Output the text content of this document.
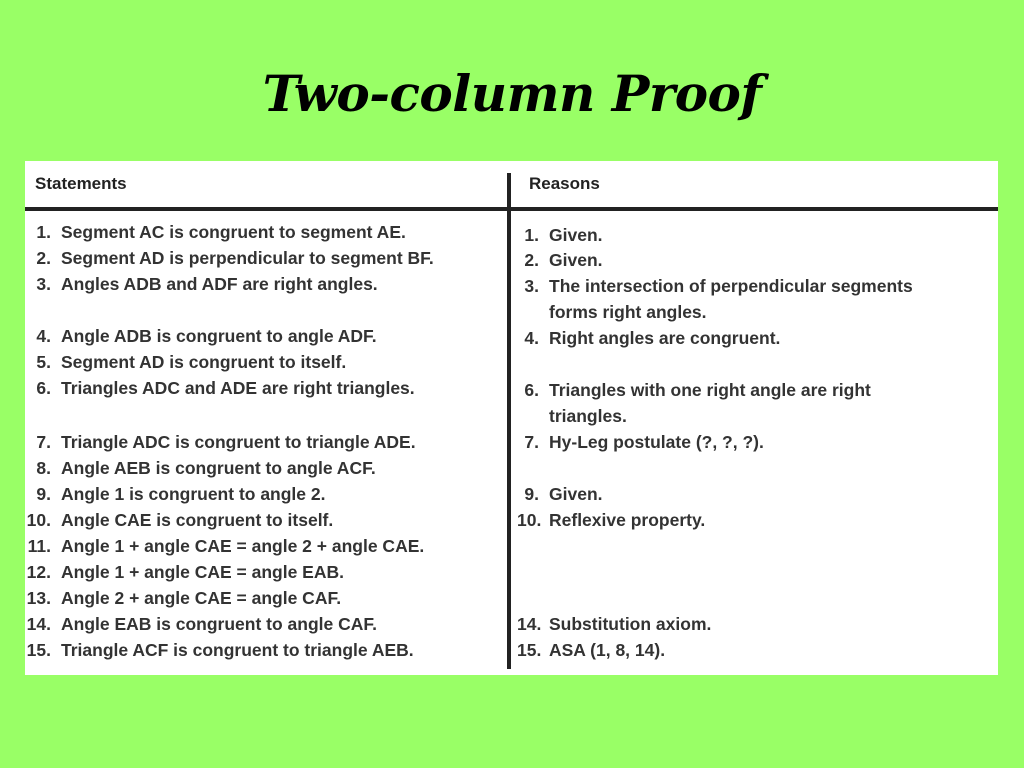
Two-column Proof
Statements	Reasons
1. Segment AC is congruent to segment AE.
2. Segment AD is perpendicular to segment BF.
3. Angles ADB and ADF are right angles.
4. Angle ADB is congruent to angle ADF.
5. Segment AD is congruent to itself.
6. Triangles ADC and ADE are right triangles.
7. Triangle ADC is congruent to triangle ADE.
8. Angle AEB is congruent to angle ACF.
9. Angle 1 is congruent to angle 2.
10. Angle CAE is congruent to itself.
11. Angle 1 + angle CAE = angle 2 + angle CAE.
12. Angle 1 + angle CAE = angle EAB.
13. Angle 2 + angle CAE = angle CAF.
14. Angle EAB is congruent to angle CAF.
15. Triangle ACF is congruent to triangle AEB.
1. Given.
2. Given.
3. The intersection of perpendicular segments
forms right angles.
4. Right angles are congruent.
6. Triangles with one right angle are right
triangles.
7. Hy-Leg postulate (?, ?, ?).
9. Given.
10. Reflexive property.
14. Substitution axiom.
15. ASA (1, 8, 14).
